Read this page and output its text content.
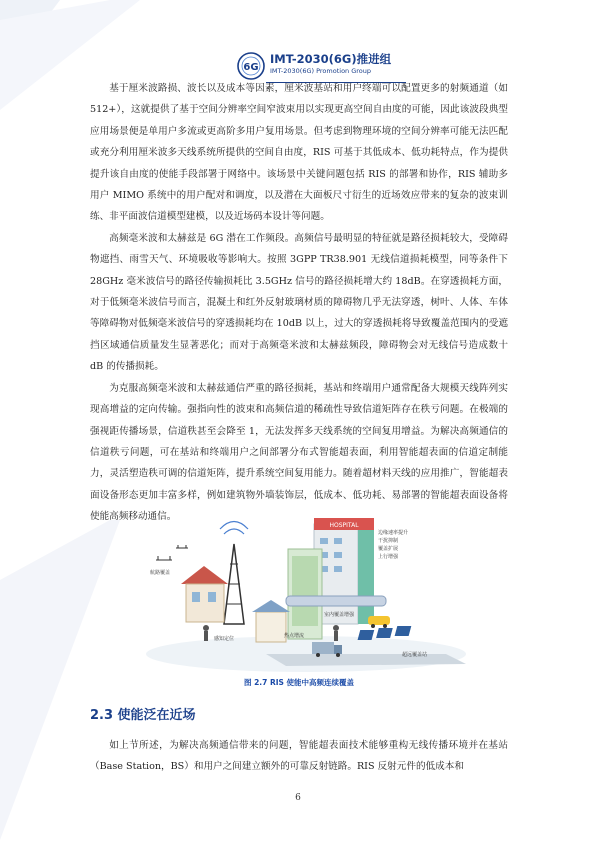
6G
IMT-2030(6G)推进组
IMT-2030(6G) Promotion Group

基于厘米波路损、波长以及成本等因素，厘米波基站和用户终端可以配置更多的射频通道（如 512+），这就提供了基于空间分辨率空间窄波束用以实现更高空间自由度的可能，因此该波段典型应用场景便是单用户多流或更高阶多用户复用场景。但考虑到物理环境的空间分辨率可能无法匹配或充分利用厘米波多天线系统所提供的空间自由度，RIS 可基于其低成本、低功耗特点，作为提供提升该自由度的使能手段部署于网络中。该场景中关键问题包括 RIS 的部署和协作，RIS 辅助多用户 MIMO 系统中的用户配对和调度，以及潜在大面板尺寸衍生的近场效应带来的复杂的波束训练、非平面波信道模型建模，以及近场码本设计等问题。

高频毫米波和太赫兹是 6G 潜在工作频段。高频信号最明显的特征就是路径损耗较大，受障碍物遮挡、雨雪天气、环境吸收等影响大。按照 3GPP TR38.901 无线信道损耗模型，同等条件下 28GHz 毫米波信号的路径传输损耗比 3.5GHz 信号的路径损耗增大约 18dB。在穿透损耗方面，对于低频毫米波信号而言，混凝土和红外反射玻璃材质的障碍物几乎无法穿透，树叶、人体、车体等障碍物对低频毫米波信号的穿透损耗均在 10dB 以上，过大的穿透损耗将导致覆盖范围内的受遮挡区域通信质量发生显著恶化；而对于高频毫米波和太赫兹频段，障碍物会对无线信号造成数十 dB 的传播损耗。

为克服高频毫米波和太赫兹通信严重的路径损耗，基站和终端用户通常配备大规模天线阵列实现高增益的定向传输。强指向性的波束和高频信道的稀疏性导致信道矩阵存在秩亏问题。在极端的强视距传播场景，信道秩甚至会降至 1，无法发挥多天线系统的空间复用增益。为解决高频通信的信道秩亏问题，可在基站和终端用户之间部署分布式智能超表面，利用智能超表面的信道定制能力，灵活塑造秩可调的信道矩阵，提升系统空间复用能力。随着超材料天线的应用推广，智能超表面设备形态更加丰富多样，例如建筑物外墙装饰层，低成本、低功耗、易部署的智能超表面设备将使能高频移动通信。

HOSPITAL
边缘速率提升
干扰抑制
覆盖扩展
上行增强
航路覆盖
感知定位	热点增流
室内覆盖增强
超远覆盖站
图 2.7 RIS 使能中高频连续覆盖
2.3 使能泛在近场

如上节所述，为解决高频通信带来的问题，智能超表面技术能够重构无线传播环境并在基站（Base Station，BS）和用户之间建立额外的可靠反射链路。RIS 反射元件的低成本和

6
